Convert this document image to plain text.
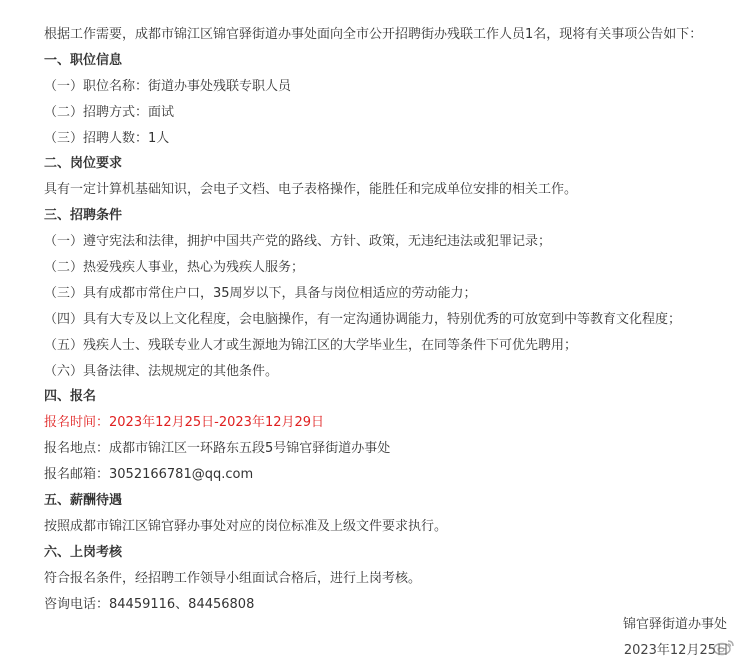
根据工作需要，成都市锦江区锦官驿街道办事处面向全市公开招聘街办残联工作人员1名，现将有关事项公告如下：
一、职位信息
（一）职位名称：街道办事处残联专职人员
（二）招聘方式：面试
（三）招聘人数：1人
二、岗位要求
具有一定计算机基础知识，会电子文档、电子表格操作，能胜任和完成单位安排的相关工作。
三、招聘条件
（一）遵守宪法和法律，拥护中国共产党的路线、方针、政策，无违纪违法或犯罪记录；
（二）热爱残疾人事业，热心为残疾人服务；
（三）具有成都市常住户口，35周岁以下，具备与岗位相适应的劳动能力；
（四）具有大专及以上文化程度，会电脑操作，有一定沟通协调能力，特别优秀的可放宽到中等教育文化程度；
（五）残疾人士、残联专业人才或生源地为锦江区的大学毕业生，在同等条件下可优先聘用；
（六）具备法律、法规规定的其他条件。
四、报名
报名时间：2023年12月25日-2023年12月29日
报名地点：成都市锦江区一环路东五段5号锦官驿街道办事处
报名邮箱：3052166781@qq.com
五、薪酬待遇
按照成都市锦江区锦官驿办事处对应的岗位标准及上级文件要求执行。
六、上岗考核
符合报名条件，经招聘工作领导小组面试合格后，进行上岗考核。
咨询电话：84459116、84456808
锦官驿街道办事处
2023年12月25日
